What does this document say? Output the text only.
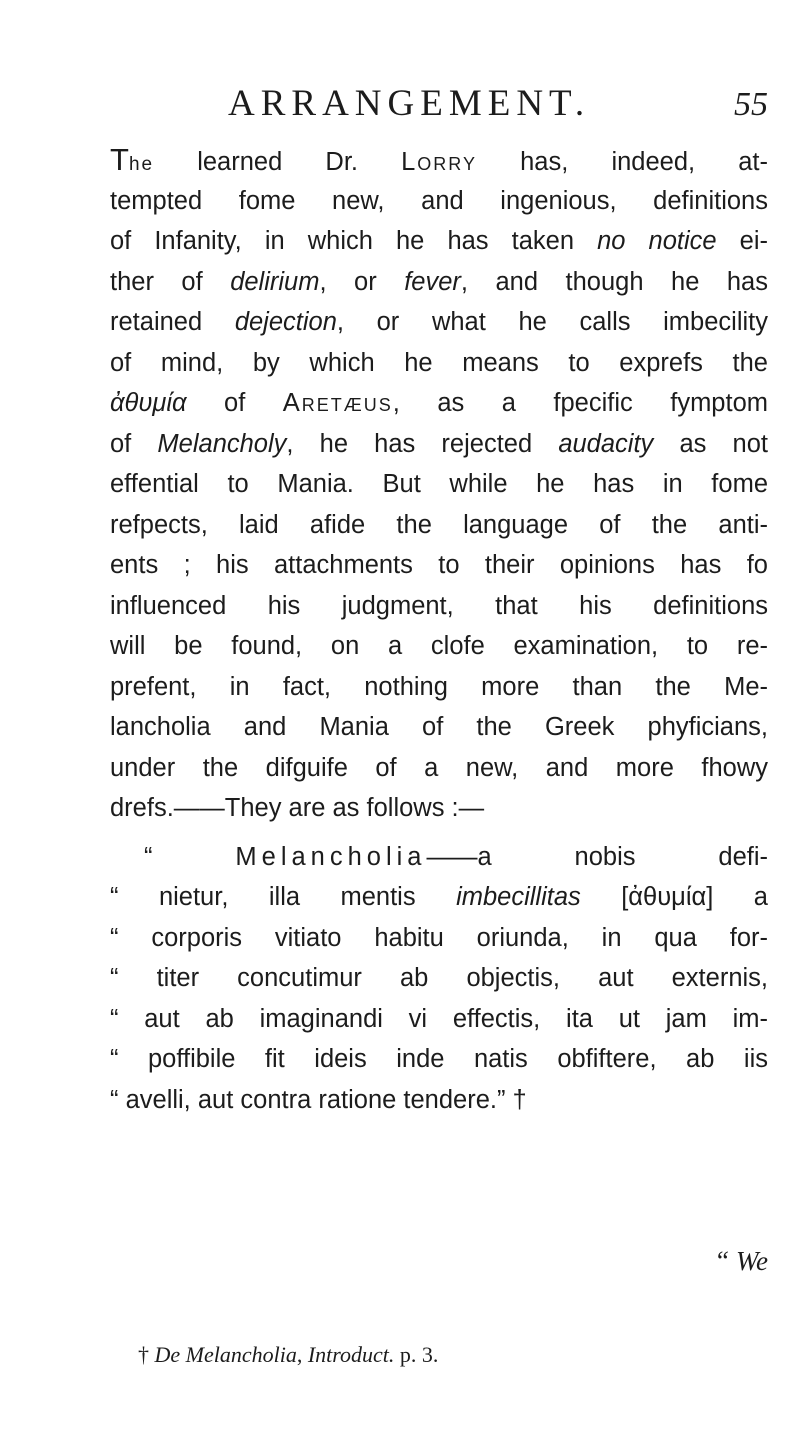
ARRANGEMENT.	55
The learned Dr. Lorry has, indeed, at-
tempted fome new, and ingenious, definitions
of Infanity, in which he has taken no notice ei-
ther of delirium, or fever, and though he has
retained dejection, or what he calls imbecility
of mind, by which he means to exprefs the
ἀθυμία of Aretæus, as a fpecific fymptom
of Melancholy, he has rejected audacity as not
effential to Mania. But while he has in fome
refpects, laid afide the language of the anti-
ents ; his attachments to their opinions has fo
influenced his judgment, that his definitions
will be found, on a clofe examination, to re-
prefent, in fact, nothing more than the Me-
lancholia and Mania of the Greek phyficians,
under the difguife of a new, and more fhowy
drefs.——They are as follows :—
“ Melancholia——a nobis defi-
“ nietur, illa mentis imbecillitas [ἀθυμία] a
“ corporis vitiato habitu oriunda, in qua for-
“ titer concutimur ab objectis, aut externis,
“ aut ab imaginandi vi effectis, ita ut jam im-
“ poffibile fit ideis inde natis obfiftere, ab iis
“ avelli, aut contra ratione tendere.” †
“ We
† De Melancholia, Introduct. p. 3.
